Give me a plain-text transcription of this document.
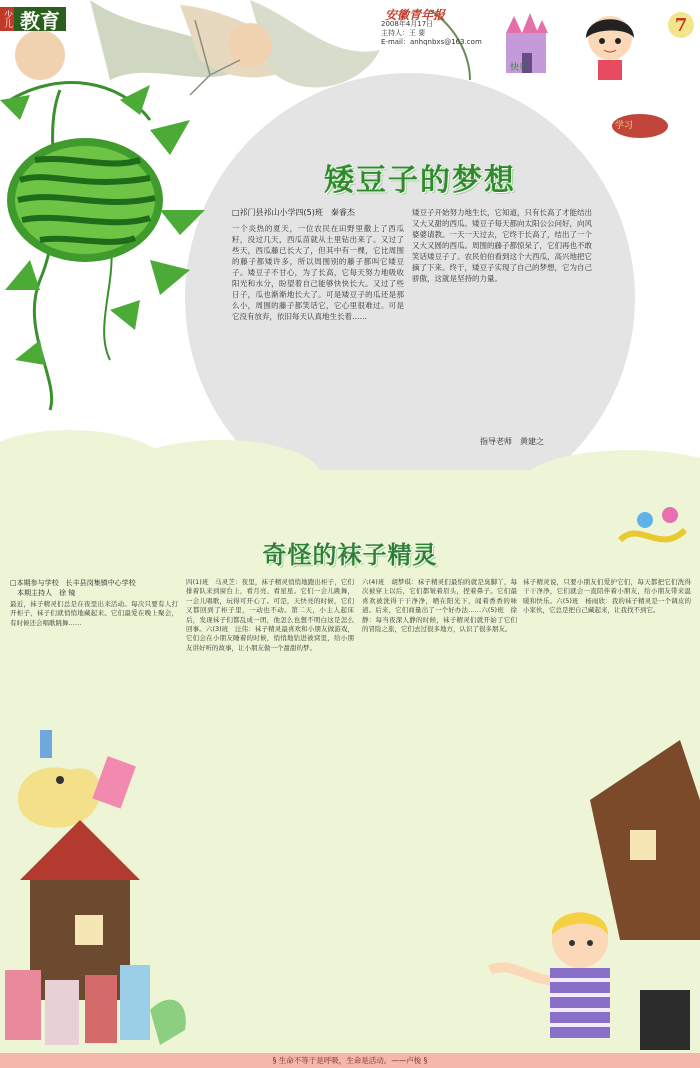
少儿 教育	安徽青年报
2008年4月17日
主持人：王 要
E-mail：anhqnbxs@163.com
7
快乐
学习
矮豆子的梦想
□祁门县祁山小学四(5)班　秦睿杰
一个炎热的夏天，一位农民在田野里撒上了西瓜籽，没过几天，西瓜苗就从土里钻出来了。又过了些天，西瓜藤已长大了，但其中有一棵，它比周围的藤子都矮许多，所以周围别的藤子都叫它矮豆子。矮豆子不甘心，为了长高，它每天努力地吸收阳光和水分，盼望着自己能够快快长大。又过了些日子，瓜也渐渐地长大了。可是矮豆子的瓜还是那么小，周围的藤子都笑话它，它心里很难过。可是它没有放弃，依旧每天认真地生长着……
矮豆子开始努力地生长，它知道，只有长高了才能结出又大又甜的西瓜。矮豆子每天都向太阳公公问好，向风婆婆请教。一天一天过去，它终于长高了，结出了一个又大又圆的西瓜。周围的藤子都惊呆了，它们再也不敢笑话矮豆子了。农民伯伯看到这个大西瓜，高兴地把它摘了下来。终于，矮豆子实现了自己的梦想，它为自己骄傲，这就是坚持的力量。
指导老师　黄建之
奇怪的袜子精灵
□本期参与学校　长丰县岗集镇中心学校
　本期主持人　徐 镜
最近，袜子精灵们总是在夜里出来活动。每次只要有人打开柜子，袜子们就悄悄地藏起来。它们最爱在晚上聚会，有时候还会唱歌跳舞……
四(1)班　马灵芝：夜里，袜子精灵悄悄地跑出柜子，它们排着队来到窗台上，看月亮、看星星。它们一会儿跳舞，一会儿唱歌，玩得可开心了。可是，天快亮的时候，它们又都回到了柜子里，一动也不动。第二天，小主人起床后，发现袜子们都乱成一团，他怎么也想不明白这是怎么回事。六(3)班　汪伟：袜子精灵最喜欢和小朋友做游戏，它们会在小朋友睡着的时候，悄悄地钻进被窝里，给小朋友讲好听的故事，让小朋友做一个甜甜的梦。
六(4)班　胡梦琪：袜子精灵们最怕的就是臭脚丫，每次被穿上以后，它们都皱着眉头，捏着鼻子。它们最喜欢被洗得干干净净，晒在阳光下，闻着香香的味道。后来，它们商量出了一个好办法……六(5)班　徐静：每当夜深人静的时候，袜子精灵们就开始了它们的冒险之旅，它们去过很多地方，认识了很多朋友。
袜子精灵说，只要小朋友们爱护它们，每天都把它们洗得干干净净，它们就会一直陪伴着小朋友，给小朋友带来温暖和快乐。六(5)班　杨雨欣：我的袜子精灵是一个调皮的小家伙，它总是把自己藏起来，让我找不到它。
§ 生命不等于是呼吸，生命是活动。——卢梭 §
